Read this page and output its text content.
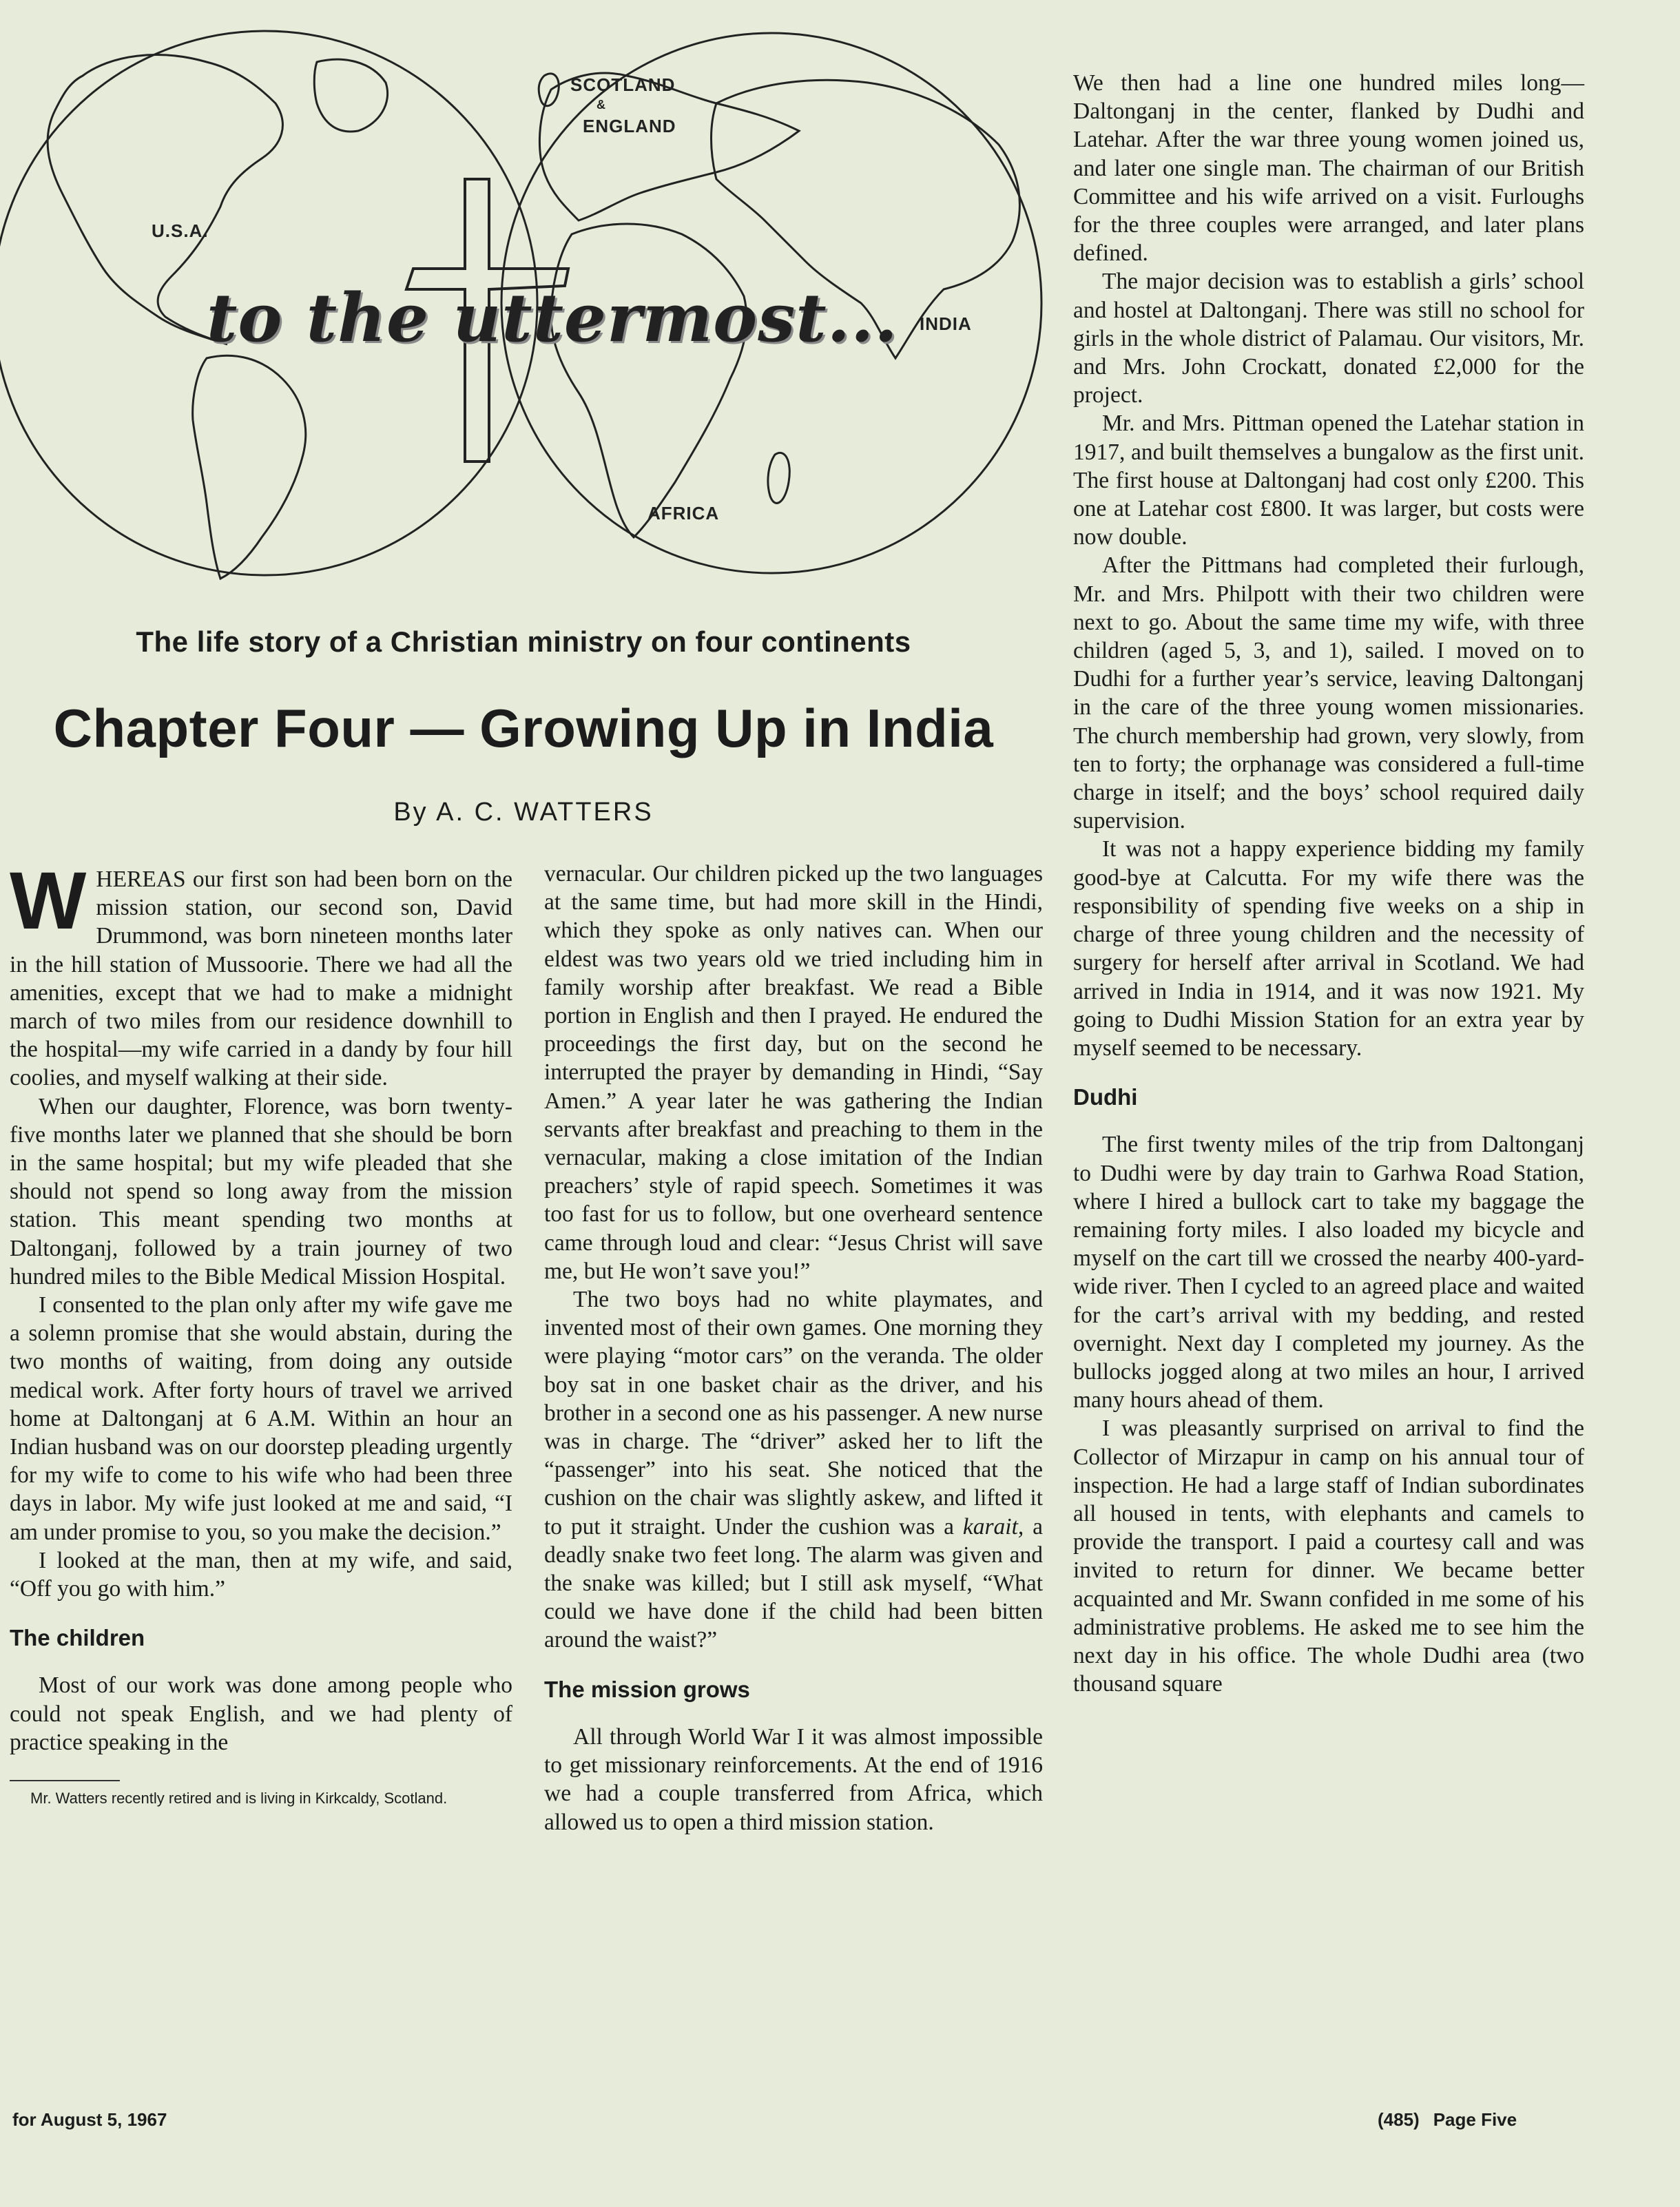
U.S.A.
SCOTLAND
&
ENGLAND
INDIA
AFRICA
to the uttermost...
The life story of a Christian ministry on four continents
Chapter Four — Growing Up in India
By A. C. WATTERS

WHEREAS our first son had been born on the mission station, our second son, David Drummond, was born nineteen months later in the hill station of Mussoorie. There we had all the amenities, except that we had to make a midnight march of two miles from our residence downhill to the hospital—my wife carried in a dandy by four hill coolies, and myself walking at their side.

When our daughter, Florence, was born twenty-five months later we planned that she should be born in the same hospital; but my wife pleaded that she should not spend so long away from the mission station. This meant spending two months at Daltonganj, followed by a train journey of two hundred miles to the Bible Medical Mission Hospital.

I consented to the plan only after my wife gave me a solemn promise that she would abstain, during the two months of waiting, from doing any outside medical work. After forty hours of travel we arrived home at Daltonganj at 6 A.M. Within an hour an Indian husband was on our doorstep pleading urgently for my wife to come to his wife who had been three days in labor. My wife just looked at me and said, “I am under promise to you, so you make the decision.”

I looked at the man, then at my wife, and said, “Off you go with him.”

The children

Most of our work was done among people who could not speak English, and we had plenty of practice speaking in the

Mr. Watters recently retired and is living in Kirkcaldy, Scotland.

vernacular. Our children picked up the two languages at the same time, but had more skill in the Hindi, which they spoke as only natives can. When our eldest was two years old we tried including him in family worship after breakfast. We read a Bible portion in English and then I prayed. He endured the proceedings the first day, but on the second he interrupted the prayer by demanding in Hindi, “Say Amen.” A year later he was gathering the Indian servants after breakfast and preaching to them in the vernacular, making a close imitation of the Indian preachers’ style of rapid speech. Sometimes it was too fast for us to follow, but one overheard sentence came through loud and clear: “Jesus Christ will save me, but He won’t save you!”

The two boys had no white playmates, and invented most of their own games. One morning they were playing “motor cars” on the veranda. The older boy sat in one basket chair as the driver, and his brother in a second one as his passenger. A new nurse was in charge. The “driver” asked her to lift the “passenger” into his seat. She noticed that the cushion on the chair was slightly askew, and lifted it to put it straight. Under the cushion was a karait, a deadly snake two feet long. The alarm was given and the snake was killed; but I still ask myself, “What could we have done if the child had been bitten around the waist?”

The mission grows

All through World War I it was almost impossible to get missionary reinforcements. At the end of 1916 we had a couple transferred from Africa, which allowed us to open a third mission station.

We then had a line one hundred miles long—Daltonganj in the center, flanked by Dudhi and Latehar. After the war three young women joined us, and later one single man. The chairman of our British Committee and his wife arrived on a visit. Furloughs for the three couples were arranged, and later plans defined.

The major decision was to establish a girls’ school and hostel at Daltonganj. There was still no school for girls in the whole district of Palamau. Our visitors, Mr. and Mrs. John Crockatt, donated £2,000 for the project.

Mr. and Mrs. Pittman opened the Latehar station in 1917, and built themselves a bungalow as the first unit. The first house at Daltonganj had cost only £200. This one at Latehar cost £800. It was larger, but costs were now double.

After the Pittmans had completed their furlough, Mr. and Mrs. Philpott with their two children were next to go. About the same time my wife, with three children (aged 5, 3, and 1), sailed. I moved on to Dudhi for a further year’s service, leaving Daltonganj in the care of the three young women missionaries. The church membership had grown, very slowly, from ten to forty; the orphanage was considered a full-time charge in itself; and the boys’ school required daily supervision.

It was not a happy experience bidding my family good-bye at Calcutta. For my wife there was the responsibility of spending five weeks on a ship in charge of three young children and the necessity of surgery for herself after arrival in Scotland. We had arrived in India in 1914, and it was now 1921. My going to Dudhi Mission Station for an extra year by myself seemed to be necessary.

Dudhi

The first twenty miles of the trip from Daltonganj to Dudhi were by day train to Garhwa Road Station, where I hired a bullock cart to take my baggage the remaining forty miles. I also loaded my bicycle and myself on the cart till we crossed the nearby 400-yard-wide river. Then I cycled to an agreed place and waited for the cart’s arrival with my bedding, and rested overnight. Next day I completed my journey. As the bullocks jogged along at two miles an hour, I arrived many hours ahead of them.

I was pleasantly surprised on arrival to find the Collector of Mirzapur in camp on his annual tour of inspection. He had a large staff of Indian subordinates all housed in tents, with elephants and camels to provide the transport. I paid a courtesy call and was invited to return for dinner. We became better acquainted and Mr. Swann confided in me some of his administrative problems. He asked me to see him the next day in his office. The whole Dudhi area (two thousand square

for August 5, 1967	(485) Page Five
